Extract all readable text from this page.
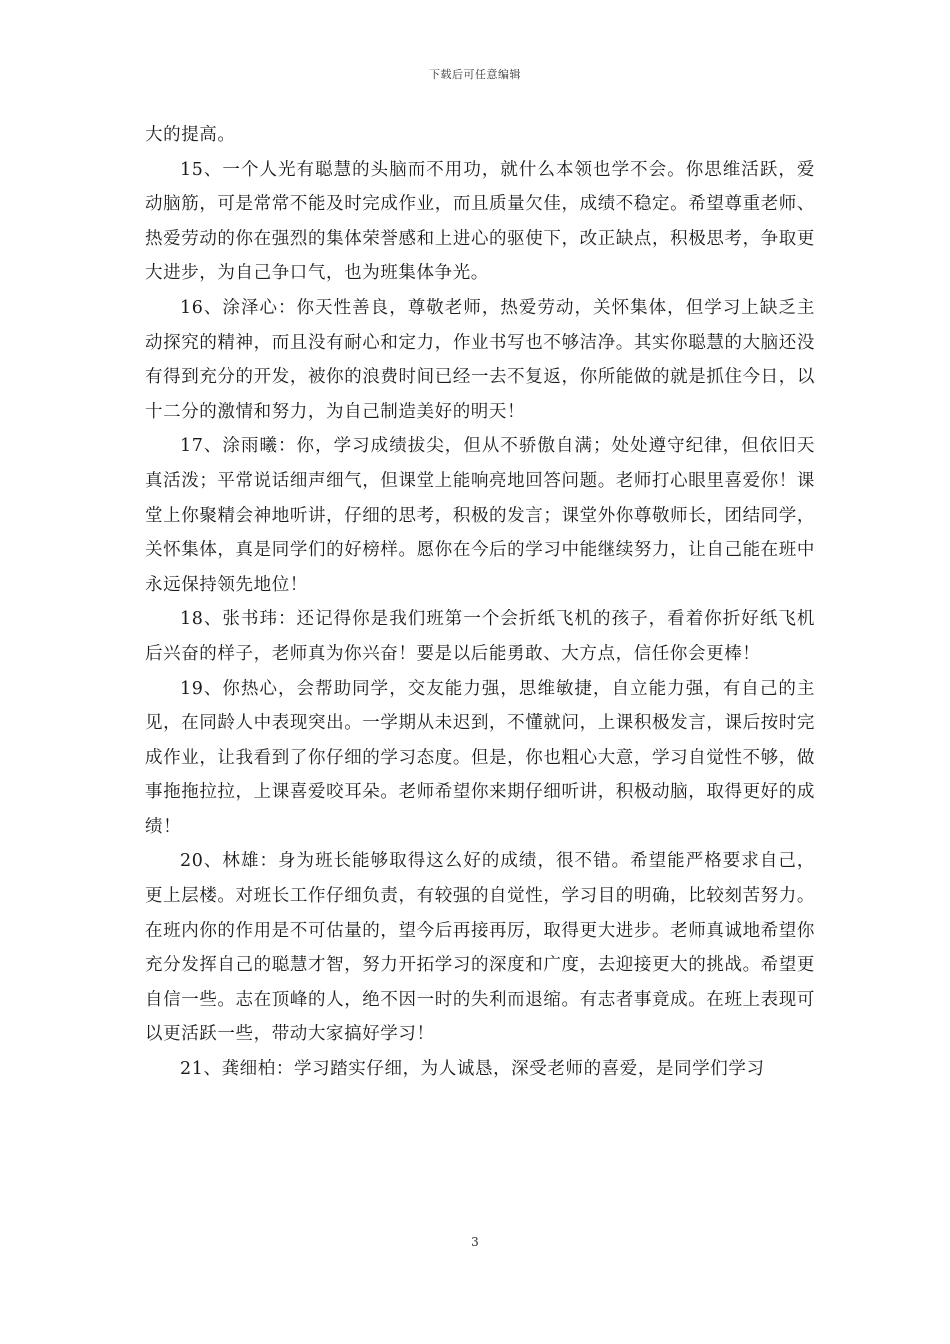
下载后可任意编辑

大的提高。

15、一个人光有聪慧的头脑而不用功，就什么本领也学不会。你思维活跃，爱动脑筋，可是常常不能及时完成作业，而且质量欠佳，成绩不稳定。希望尊重老师、热爱劳动的你在强烈的集体荣誉感和上进心的驱使下，改正缺点，积极思考，争取更大进步，为自己争口气，也为班集体争光。

16、涂泽心：你天性善良，尊敬老师，热爱劳动，关怀集体，但学习上缺乏主动探究的精神，而且没有耐心和定力，作业书写也不够洁净。其实你聪慧的大脑还没有得到充分的开发，被你的浪费时间已经一去不复返，你所能做的就是抓住今日，以十二分的激情和努力，为自己制造美好的明天！

17、涂雨曦：你，学习成绩拔尖，但从不骄傲自满；处处遵守纪律，但依旧天真活泼；平常说话细声细气，但课堂上能响亮地回答问题。老师打心眼里喜爱你！课堂上你聚精会神地听讲，仔细的思考，积极的发言；课堂外你尊敬师长，团结同学，关怀集体，真是同学们的好榜样。愿你在今后的学习中能继续努力，让自己能在班中永远保持领先地位！

18、张书玮：还记得你是我们班第一个会折纸飞机的孩子，看着你折好纸飞机后兴奋的样子，老师真为你兴奋！要是以后能勇敢、大方点，信任你会更棒！

19、你热心，会帮助同学，交友能力强，思维敏捷，自立能力强，有自己的主见，在同龄人中表现突出。一学期从未迟到，不懂就问，上课积极发言，课后按时完成作业，让我看到了你仔细的学习态度。但是，你也粗心大意，学习自觉性不够，做事拖拖拉拉，上课喜爱咬耳朵。老师希望你来期仔细听讲，积极动脑，取得更好的成绩！

20、林雄：身为班长能够取得这么好的成绩，很不错。希望能严格要求自己，更上层楼。对班长工作仔细负责，有较强的自觉性，学习目的明确，比较刻苦努力。在班内你的作用是不可估量的，望今后再接再厉，取得更大进步。老师真诚地希望你充分发挥自己的聪慧才智，努力开拓学习的深度和广度，去迎接更大的挑战。希望更自信一些。志在顶峰的人，绝不因一时的失利而退缩。有志者事竟成。在班上表现可以更活跃一些，带动大家搞好学习！

21、龚细柏：学习踏实仔细，为人诚恳，深受老师的喜爱，是同学们学习

3
